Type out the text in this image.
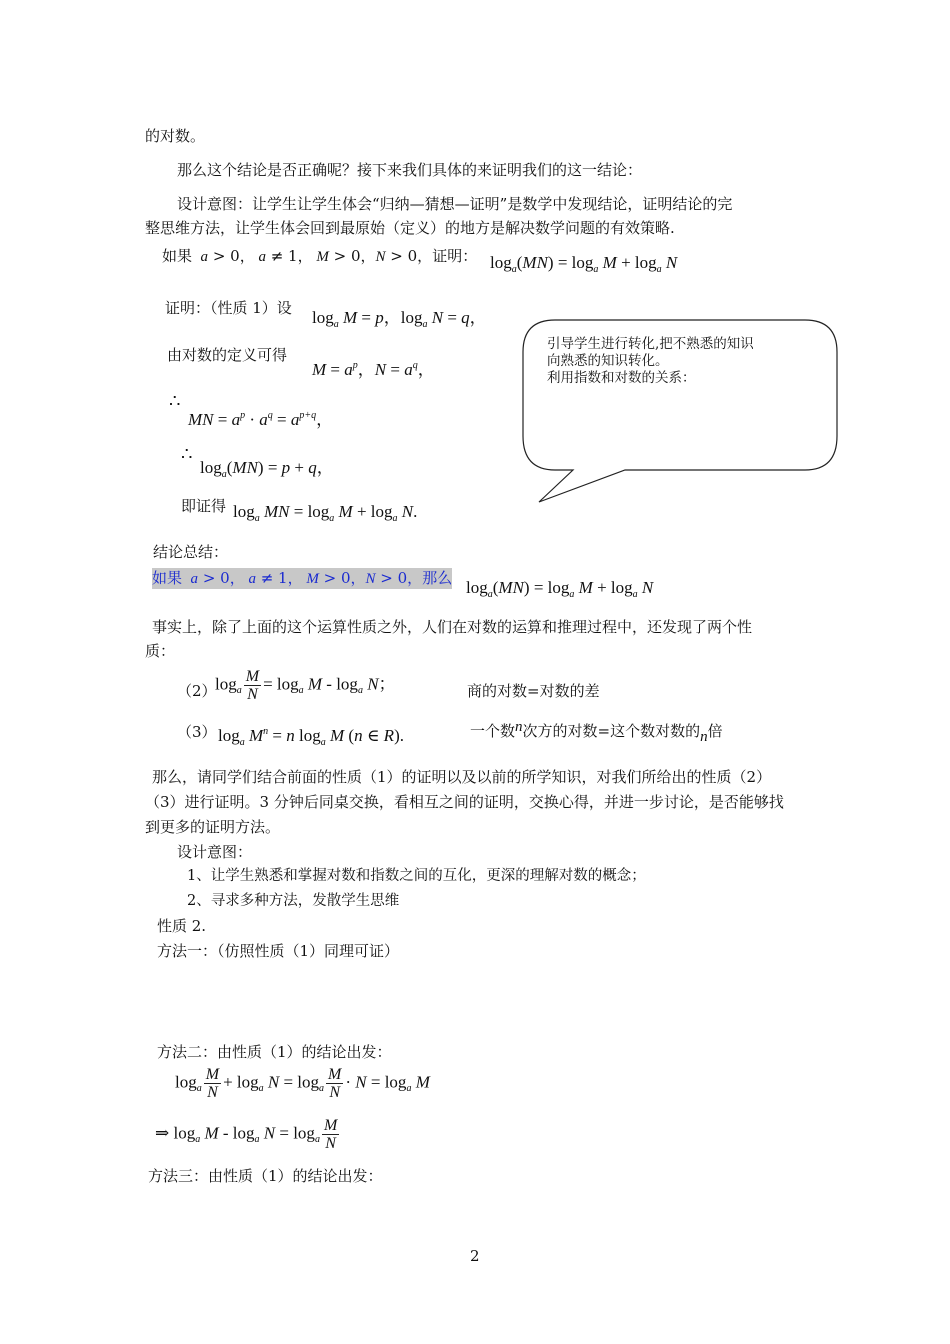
的对数。
那么这个结论是否正确呢？接下来我们具体的来证明我们的这一结论：
设计意图：让学生让学生体会“归纳—猜想—证明”是数学中发现结论，证明结论的完
整思维方法，让学生体会回到最原始（定义）的地方是解决数学问题的有效策略.
如果  a > 0， a ≠ 1， M > 0，N > 0，证明： $\log_a(MN) = \log_a M + \log_a N$
证明：（性质 1）设 $\log_a M = p$，$\log_a N = q$，
由对数的定义可得
$M = a^p$，$N = a^q$，
∴
MN = $a^p \cdot a^q = a^{p+q}$，
∴
$\log_a(MN) = p + q$，
即证得 $\log_a$ MN = $\log_a M + \log_a N$.
引导学生进行转化,把不熟悉的知识
向熟悉的知识转化。
利用指数和对数的关系：
结论总结：
如果  a > 0， a ≠ 1， M > 0，N > 0，那么 $\log_a(MN) = \log_a M + \log_a N$
事实上，除了上面的这个运算性质之外，人们在对数的运算和推理过程中，还发现了两个性
质：
（2）
$\log_a \frac{M}{N} = \log_a M - \log_a N$；	商的对数=对数的差
（3） $\log_a M^n = n$ $\log_a M$ (n ∈ R).	一个数n次方的对数=这个数对数的n倍
那么，请同学们结合前面的性质（1）的证明以及以前的所学知识，对我们所给出的性质（2）
（3）进行证明。3 分钟后同桌交换，看相互之间的证明，交换心得，并进一步讨论，是否能够找
到更多的证明方法。
设计意图：
1、让学生熟悉和掌握对数和指数之间的互化，更深的理解对数的概念；
2、寻求多种方法，发散学生思维
性质 2.
方法一：（仿照性质（1）同理可证）
方法二：由性质（1）的结论出发：
$\log_a \frac{M}{N} + \log_a N = \log_a \frac{M}{N} \cdot N = \log_a M$
⇒ $\log_a M - \log_a N = \log_a \frac{M}{N}$
方法三：由性质（1）的结论出发：
2
